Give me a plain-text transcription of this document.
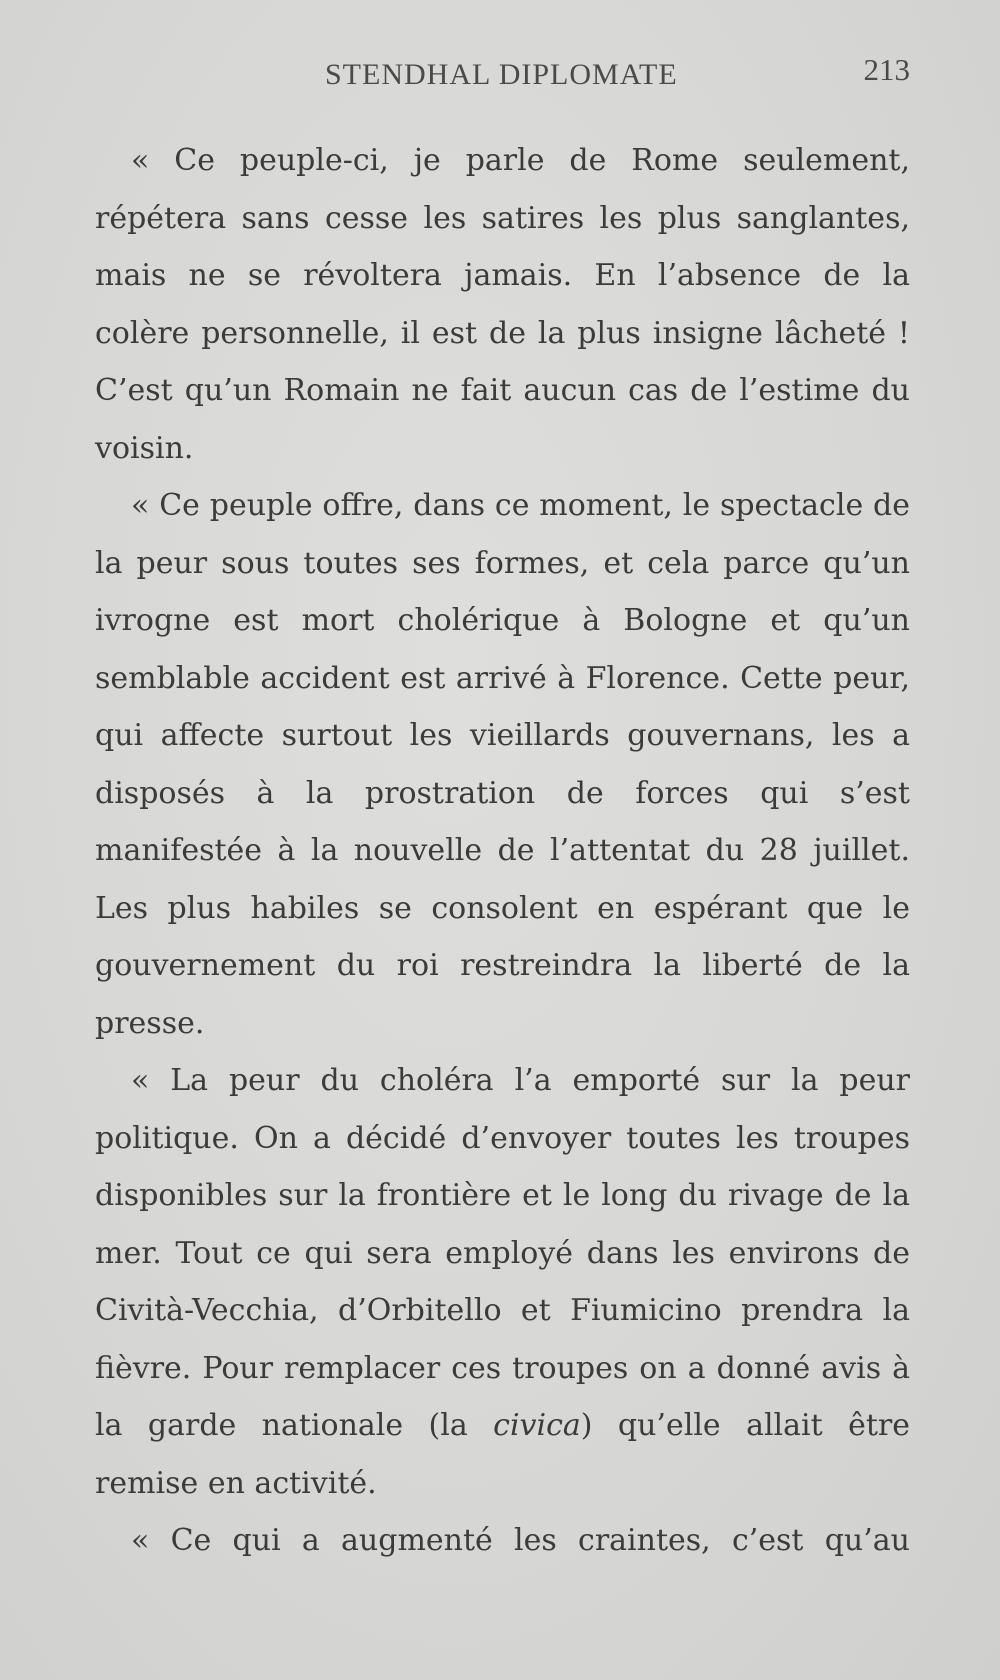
STENDHAL DIPLOMATE	213

« Ce peuple-ci, je parle de Rome seulement, répétera sans cesse les satires les plus sanglantes, mais ne se révoltera jamais. En l’absence de la colère personnelle, il est de la plus insigne lâcheté ! C’est qu’un Romain ne fait aucun cas de l’estime du voisin.

« Ce peuple offre, dans ce moment, le spectacle de la peur sous toutes ses formes, et cela parce qu’un ivrogne est mort cholérique à Bologne et qu’un semblable accident est arrivé à Florence. Cette peur, qui affecte surtout les vieillards gouvernans, les a disposés à la prostration de forces qui s’est manifestée à la nouvelle de l’attentat du 28 juillet. Les plus habiles se consolent en espérant que le gouvernement du roi restreindra la liberté de la presse.

« La peur du choléra l’a emporté sur la peur politique. On a décidé d’envoyer toutes les troupes disponibles sur la frontière et le long du rivage de la mer. Tout ce qui sera employé dans les environs de Cività-Vecchia, d’Orbitello et Fiumicino prendra la fièvre. Pour remplacer ces troupes on a donné avis à la garde nationale (la civica) qu’elle allait être remise en activité.

« Ce qui a augmenté les craintes, c’est qu’au
